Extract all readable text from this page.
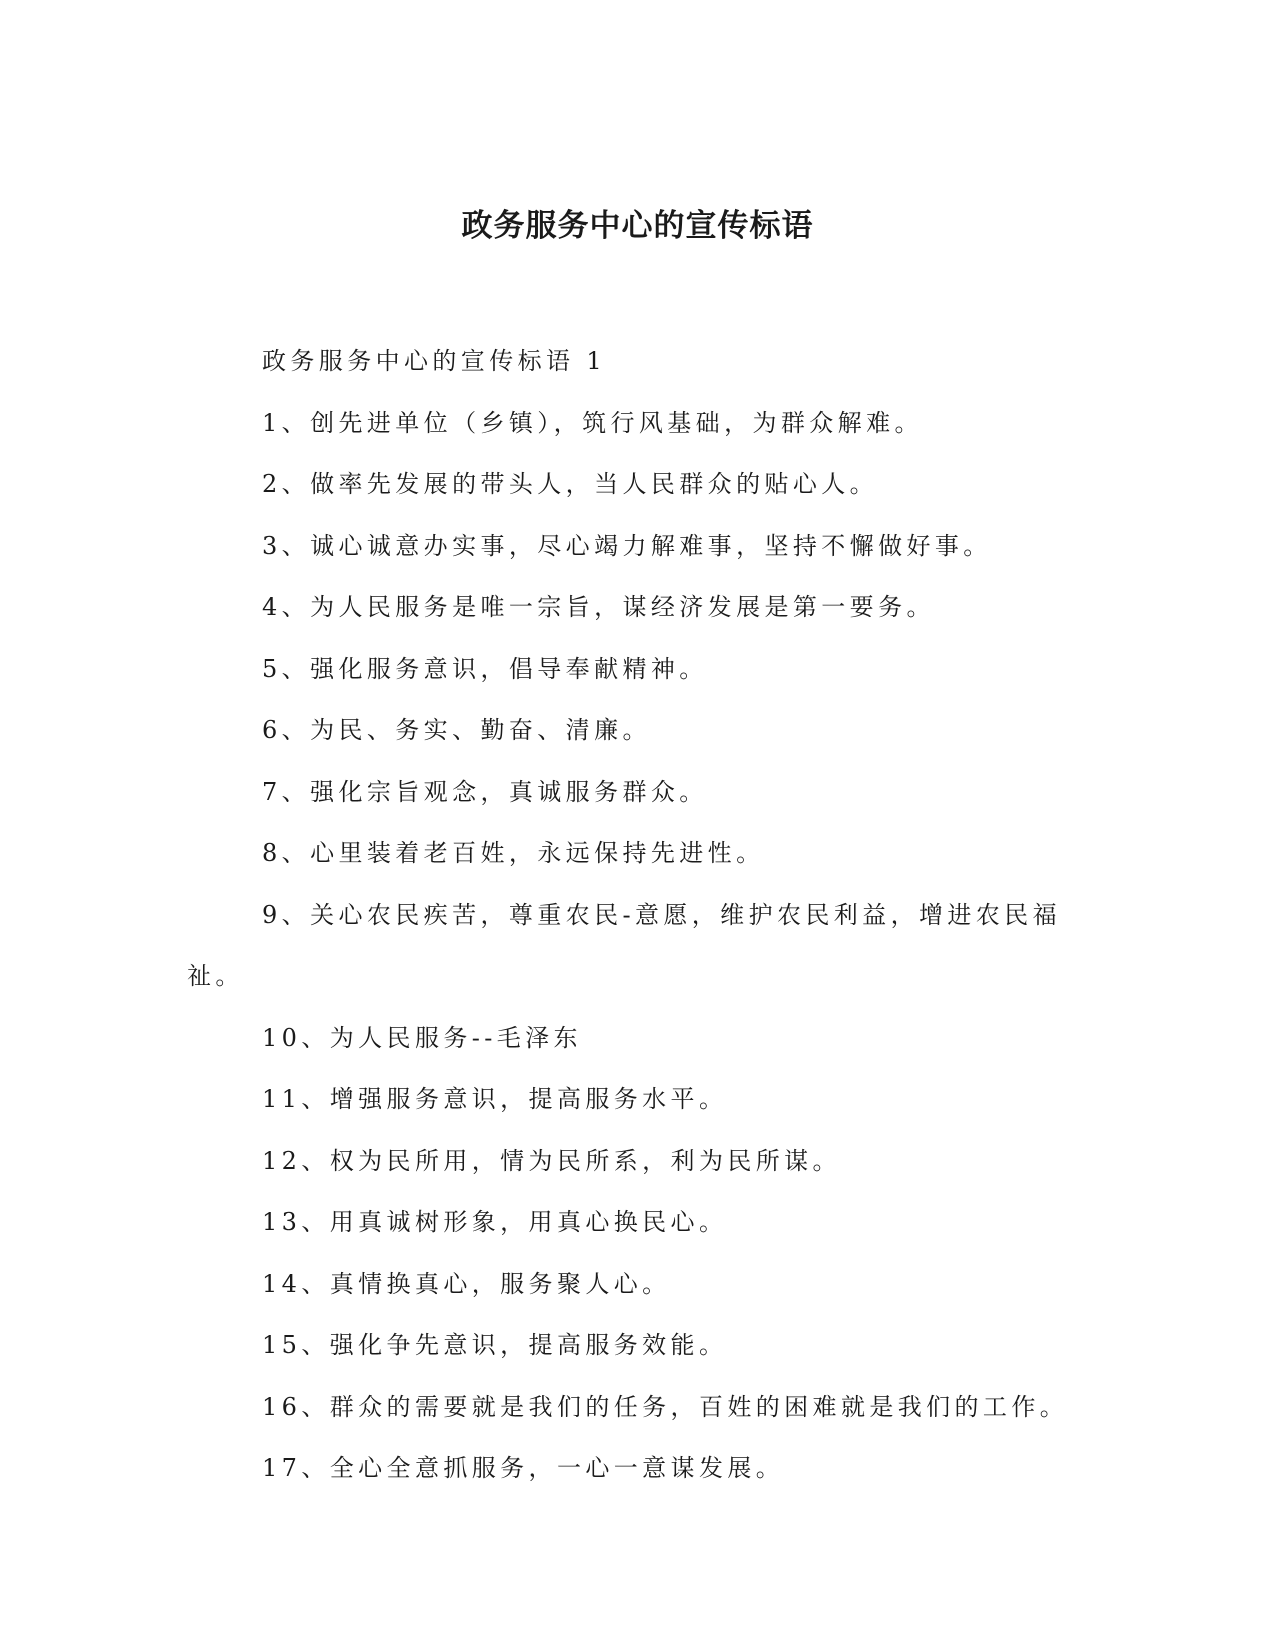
政务服务中心的宣传标语

政务服务中心的宣传标语 1

1、创先进单位（乡镇），筑行风基础，为群众解难。

2、做率先发展的带头人，当人民群众的贴心人。

3、诚心诚意办实事，尽心竭力解难事，坚持不懈做好事。

4、为人民服务是唯一宗旨，谋经济发展是第一要务。

5、强化服务意识，倡导奉献精神。

6、为民、务实、勤奋、清廉。

7、强化宗旨观念，真诚服务群众。

8、心里装着老百姓，永远保持先进性。

9、关心农民疾苦，尊重农民-意愿，维护农民利益，增进农民福祉。

10、为人民服务--毛泽东

11、增强服务意识，提高服务水平。

12、权为民所用，情为民所系，利为民所谋。

13、用真诚树形象，用真心换民心。

14、真情换真心，服务聚人心。

15、强化争先意识，提高服务效能。

16、群众的需要就是我们的任务，百姓的困难就是我们的工作。

17、全心全意抓服务，一心一意谋发展。
